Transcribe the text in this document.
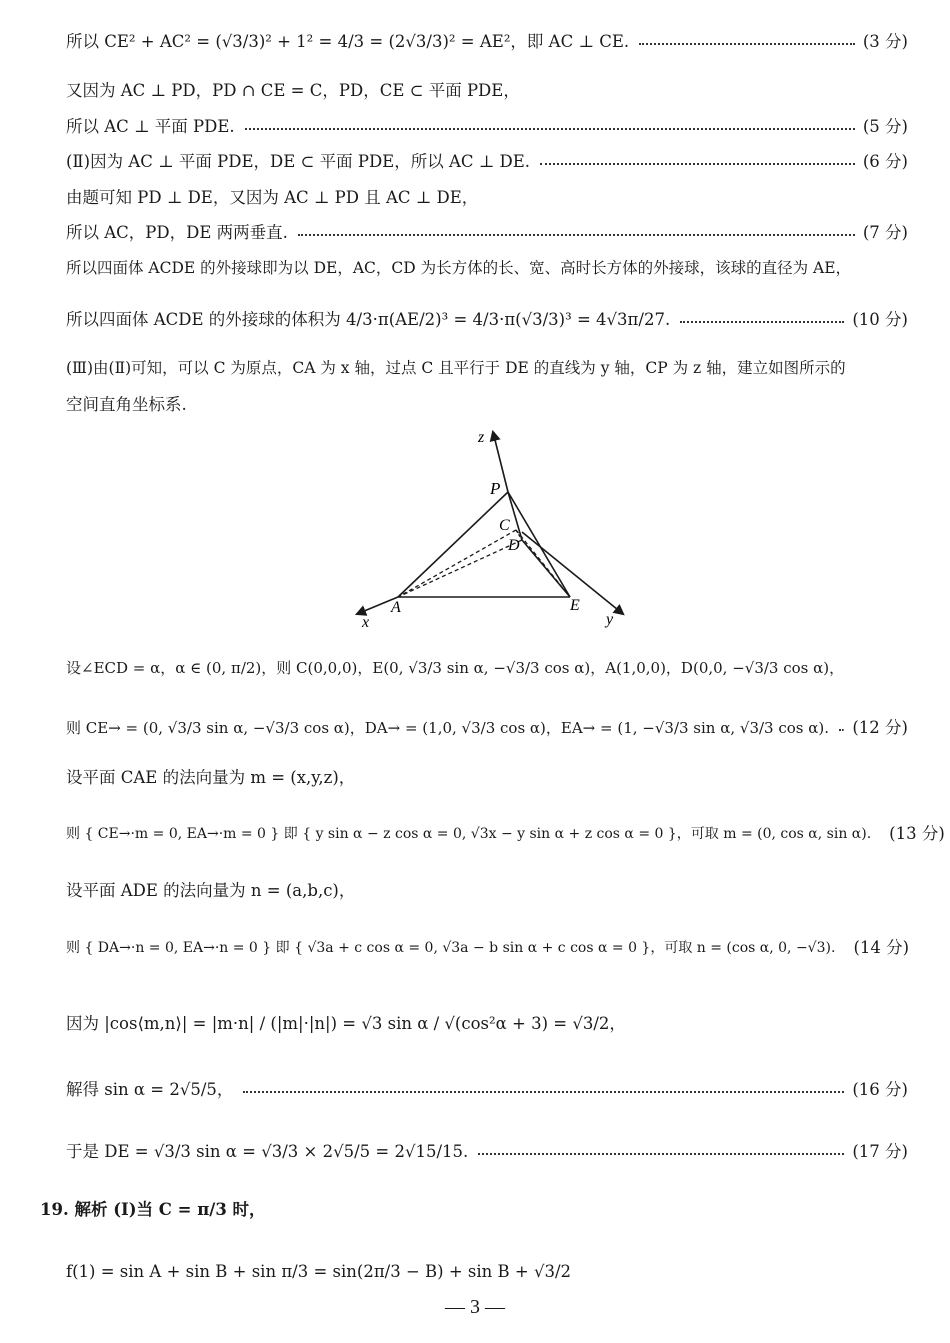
所以 CE² + AC² = (√3/3)² + 1² = 4/3 = (2√3/3)² = AE²，即 AC ⊥ CE.	(3 分)
又因为 AC ⊥ PD，PD ∩ CE = C，PD，CE ⊂ 平面 PDE，
所以 AC ⊥ 平面 PDE.	(5 分)
(Ⅱ)因为 AC ⊥ 平面 PDE，DE ⊂ 平面 PDE，所以 AC ⊥ DE.	(6 分)
由题可知 PD ⊥ DE，又因为 AC ⊥ PD 且 AC ⊥ DE，
所以 AC，PD，DE 两两垂直.	(7 分)
所以四面体 ACDE 的外接球即为以 DE，AC，CD 为长方体的长、宽、高时长方体的外接球，该球的直径为 AE，
所以四面体 ACDE 的外接球的体积为 4/3·π(AE/2)³ = 4/3·π(√3/3)³ = 4√3π/27.	(10 分)
(Ⅲ)由(Ⅱ)可知，可以 C 为原点，CA 为 x 轴，过点 C 且平行于 DE 的直线为 y 轴，CP 为 z 轴，建立如图所示的
空间直角坐标系.
z
P
C
D
A	E
x	y
设∠ECD = α，α ∈ (0, π/2)，则 C(0,0,0)，E(0, √3/3 sin α, −√3/3 cos α)，A(1,0,0)，D(0,0, −√3/3 cos α)，
则 CE→ = (0, √3/3 sin α, −√3/3 cos α)，DA→ = (1,0, √3/3 cos α)，EA→ = (1, −√3/3 sin α, √3/3 cos α). (12 分)
设平面 CAE 的法向量为 m = (x,y,z)，
则 { CE→·m = 0, EA→·m = 0 } 即 { y sin α − z cos α = 0, √3x − y sin α + z cos α = 0 }，可取 m = (0, cos α, sin α). (13 分)
设平面 ADE 的法向量为 n = (a,b,c)，
则 { DA→·n = 0, EA→·n = 0 } 即 { √3a + c cos α = 0, √3a − b sin α + c cos α = 0 }，可取 n = (cos α, 0, −√3). (14 分)
因为 |cos⟨m,n⟩| = |m·n| / (|m|·|n|) = √3 sin α / √(cos²α + 3) = √3/2，
解得 sin α = 2√5/5，	(16 分)
于是 DE = √3/3 sin α = √3/3 × 2√5/5 = 2√15/15.	(17 分)
19. 解析 (Ⅰ)当 C = π/3 时，
f(1) = sin A + sin B + sin π/3 = sin(2π/3 − B) + sin B + √3/2
— 3 —
